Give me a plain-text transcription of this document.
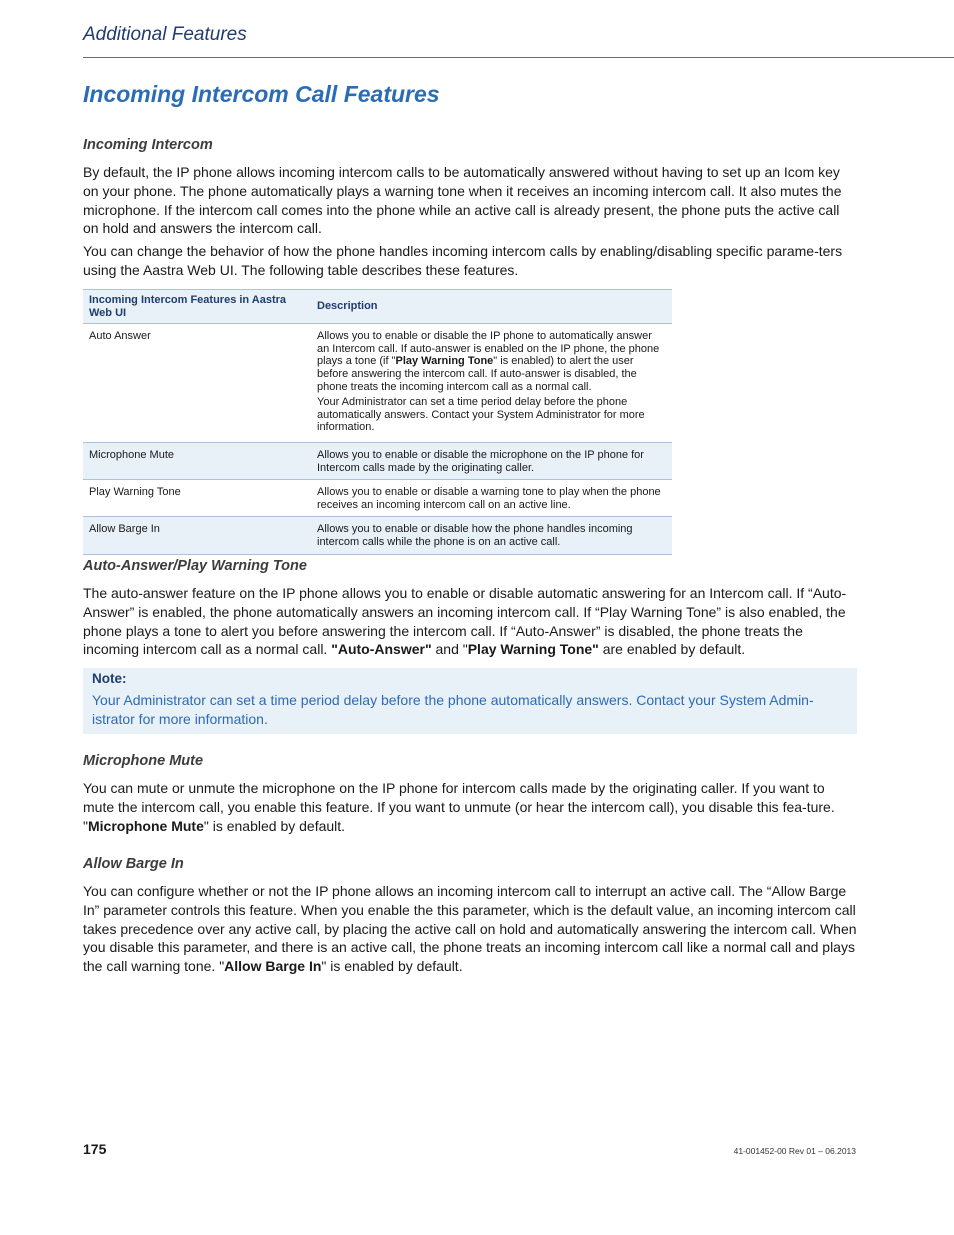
Additional Features
Incoming Intercom Call Features
Incoming Intercom
By default, the IP phone allows incoming intercom calls to be automatically answered without having to set up an Icom key on your phone. The phone automatically plays a warning tone when it receives an incoming intercom call. It also mutes the microphone. If the intercom call comes into the phone while an active call is already present, the phone puts the active call on hold and answers the intercom call.
You can change the behavior of how the phone handles incoming intercom calls by enabling/disabling specific parame-ters using the Aastra Web UI. The following table describes these features.
Incoming Intercom Features in Aastra Web UI	Description
Auto Answer	Allows you to enable or disable the IP phone to automatically answer an Intercom call. If auto-answer is enabled on the IP phone, the phone plays a tone (if "Play Warning Tone" is enabled) to alert the user before answering the intercom call. If auto-answer is disabled, the phone treats the incoming intercom call as a normal call.

Your Administrator can set a time period delay before the phone automatically answers. Contact your System Administrator for more information.

Microphone Mute	Allows you to enable or disable the microphone on the IP phone for Intercom calls made by the originating caller.
Play Warning Tone	Allows you to enable or disable a warning tone to play when the phone receives an incoming intercom call on an active line.
Allow Barge In	Allows you to enable or disable how the phone handles incoming intercom calls while the phone is on an active call.
Auto-Answer/Play Warning Tone
The auto-answer feature on the IP phone allows you to enable or disable automatic answering for an Intercom call. If “Auto-Answer” is enabled, the phone automatically answers an incoming intercom call. If “Play Warning Tone” is also enabled, the phone plays a tone to alert you before answering the intercom call. If “Auto-Answer” is disabled, the phone treats the incoming intercom call as a normal call. "Auto-Answer" and "Play Warning Tone" are enabled by default.
Note:
Your Administrator can set a time period delay before the phone automatically answers. Contact your System Admin-istrator for more information.
Microphone Mute
You can mute or unmute the microphone on the IP phone for intercom calls made by the originating caller. If you want to mute the intercom call, you enable this feature. If you want to unmute (or hear the intercom call), you disable this fea-ture. "Microphone Mute" is enabled by default.
Allow Barge In
You can configure whether or not the IP phone allows an incoming intercom call to interrupt an active call. The “Allow Barge In” parameter controls this feature. When you enable the this parameter, which is the default value, an incoming intercom call takes precedence over any active call, by placing the active call on hold and automatically answering the intercom call. When you disable this parameter, and there is an active call, the phone treats an incoming intercom call like a normal call and plays the call warning tone. "Allow Barge In" is enabled by default.
175	41-001452-00 Rev 01 – 06.2013
